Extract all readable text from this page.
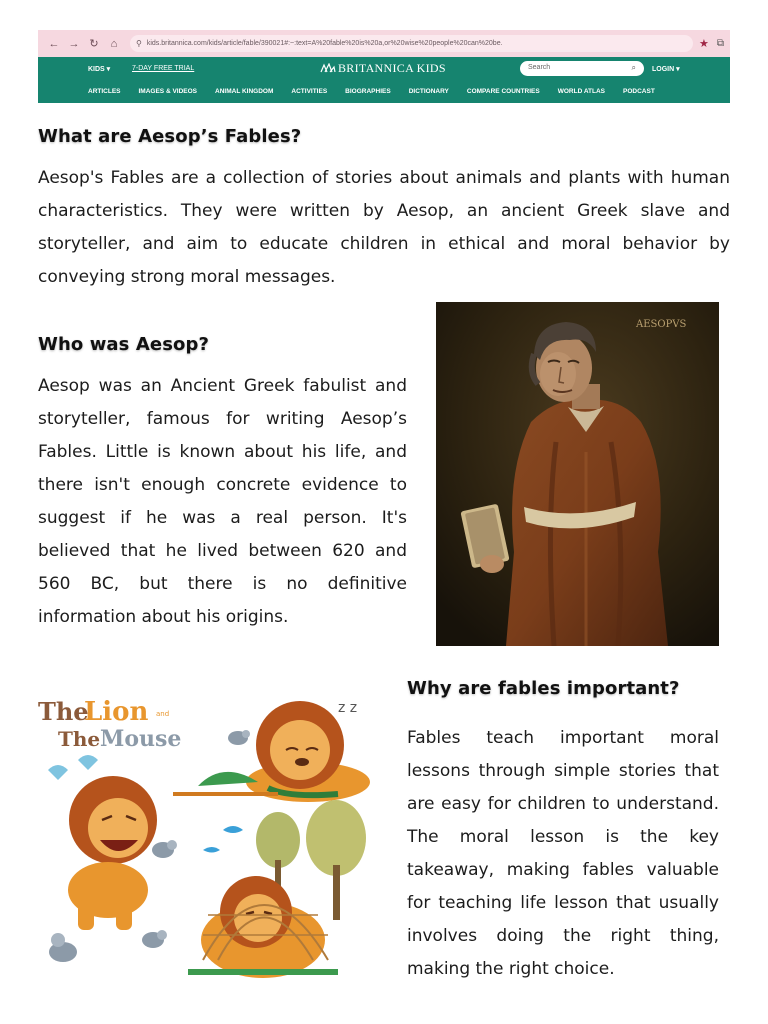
← → ↻	⌂	⚲ kids.britannica.com/kids/article/fable/390021#:~:text=A%20fable%20is%20a,or%20wise%20people%20can%20be.	★ ⧉
KIDS ▾	7-DAY FREE TRIAL	BRITANNICA KIDS	Search	⌕ LOGIN ▾
ARTICLES	IMAGES & VIDEOS	ANIMAL KINGDOM	ACTIVITIES	BIOGRAPHIES	DICTIONARY	COMPARE COUNTRIES	WORLD ATLAS	PODCAST
What are Aesop’s Fables?

Aesop's Fables are a collection of stories about animals and plants with human characteristics. They were written by Aesop, an ancient Greek slave and storyteller, and aim to educate children in ethical and moral behavior by conveying strong moral messages.

Who was Aesop?

Aesop was an Ancient Greek fabulist and storyteller, famous for writing Aesop’s Fables. Little is known about his life, and there isn't enough concrete evidence to suggest if he was a real person. It's believed that he lived between 620 and 560 BC, but there is no definitive information about his origins.

AESOPVS
Why are fables important?

Fables teach important moral lessons through simple stories that are easy for children to understand. The moral lesson is the key takeaway, making fables valuable for teaching life lesson that usually involves doing the right thing, making the right choice.

The
Lion and
The Mouse
z z
